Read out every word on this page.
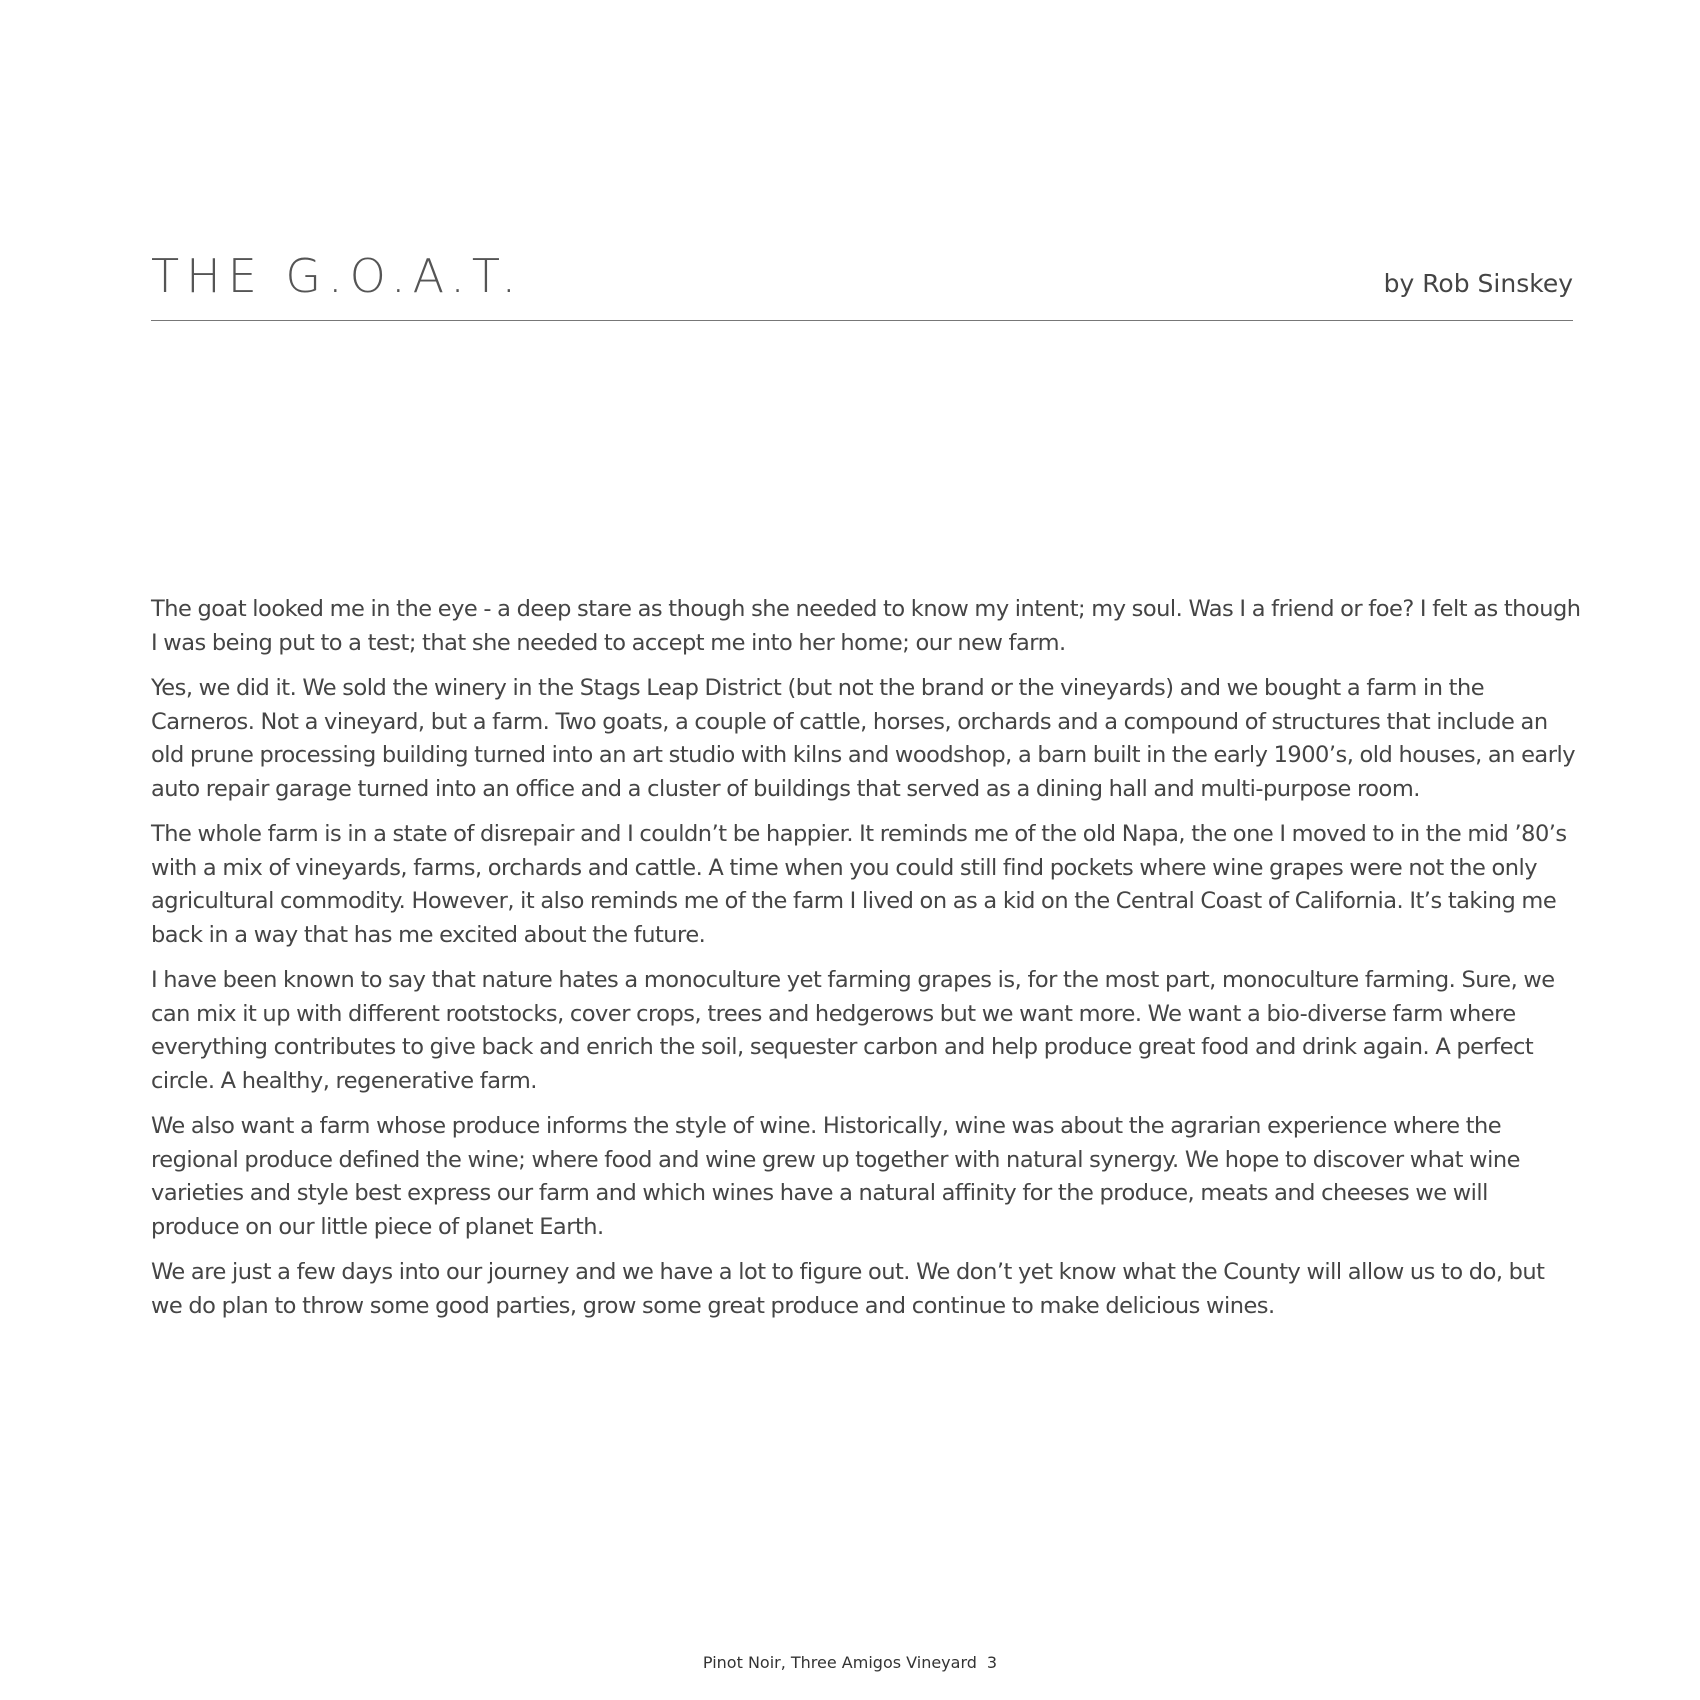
THE G.O.A.T.	by Rob Sinskey

The goat looked me in the eye - a deep stare as though she needed to know my intent; my soul. Was I a friend or foe? I felt as though I was being put to a test; that she needed to accept me into her home; our new farm.

Yes, we did it. We sold the winery in the Stags Leap District (but not the brand or the vineyards) and we bought a farm in the Carneros. Not a vineyard, but a farm. Two goats, a couple of cattle, horses, orchards and a compound of structures that include an old prune processing building turned into an art studio with kilns and woodshop, a barn built in the early 1900’s, old houses, an early auto repair garage turned into an office and a cluster of buildings that served as a dining hall and multi-purpose room.

The whole farm is in a state of disrepair and I couldn’t be happier. It reminds me of the old Napa, the one I moved to in the mid ’80’s with a mix of vineyards, farms, orchards and cattle. A time when you could still find pockets where wine grapes were not the only agricultural commodity. However, it also reminds me of the farm I lived on as a kid on the Central Coast of California. It’s taking me back in a way that has me excited about the future.

I have been known to say that nature hates a monoculture yet farming grapes is, for the most part, monoculture farming. Sure, we can mix it up with different rootstocks, cover crops, trees and hedgerows but we want more. We want a bio-diverse farm where everything contributes to give back and enrich the soil, sequester carbon and help produce great food and drink again. A perfect circle. A healthy, regenerative farm.

We also want a farm whose produce informs the style of wine. Historically, wine was about the agrarian experience where the regional produce defined the wine; where food and wine grew up together with natural synergy. We hope to discover what wine varieties and style best express our farm and which wines have a natural affinity for the produce, meats and cheeses we will produce on our little piece of planet Earth.

We are just a few days into our journey and we have a lot to figure out. We don’t yet know what the County will allow us to do, but we do plan to throw some good parties, grow some great produce and continue to make delicious wines.

Pinot Noir, Three Amigos Vineyard 3
